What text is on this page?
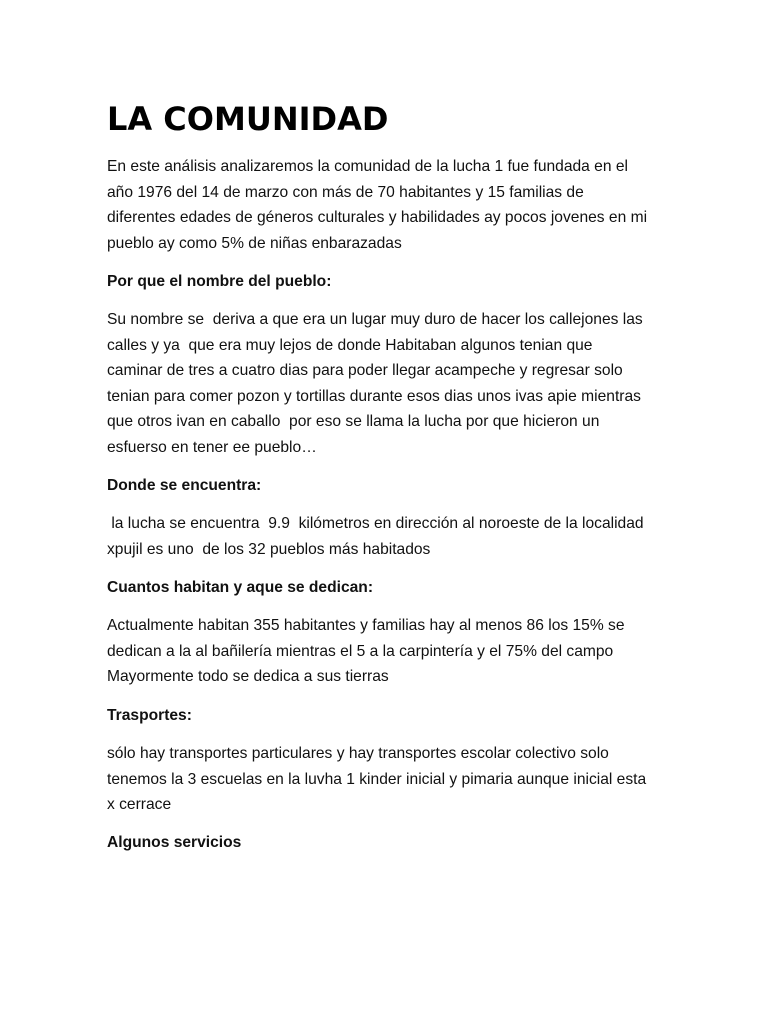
LA COMUNIDAD

En este análisis analizaremos la comunidad de la lucha 1 fue fundada en el
año 1976 del 14 de marzo con más de 70 habitantes y 15 familias de
diferentes edades de géneros culturales y habilidades ay pocos jovenes en mi
pueblo ay como 5% de niñas enbarazadas

Por que el nombre del pueblo:

Su nombre se  deriva a que era un lugar muy duro de hacer los callejones las
calles y ya  que era muy lejos de donde Habitaban algunos tenian que
caminar de tres a cuatro dias para poder llegar acampeche y regresar solo
tenian para comer pozon y tortillas durante esos dias unos ivas apie mientras
que otros ivan en caballo  por eso se llama la lucha por que hicieron un
esfuerso en tener ee pueblo…

Donde se encuentra:

la lucha se encuentra  9.9  kilómetros en dirección al noroeste de la localidad
xpujil es uno  de los 32 pueblos más habitados

Cuantos habitan y aque se dedican:

Actualmente habitan 355 habitantes y familias hay al menos 86 los 15% se
dedican a la al bañilería mientras el 5 a la carpintería y el 75% del campo
Mayormente todo se dedica a sus tierras

Trasportes:

sólo hay transportes particulares y hay transportes escolar colectivo solo
tenemos la 3 escuelas en la luvha 1 kinder inicial y pimaria aunque inicial esta
x cerrace

Algunos servicios
